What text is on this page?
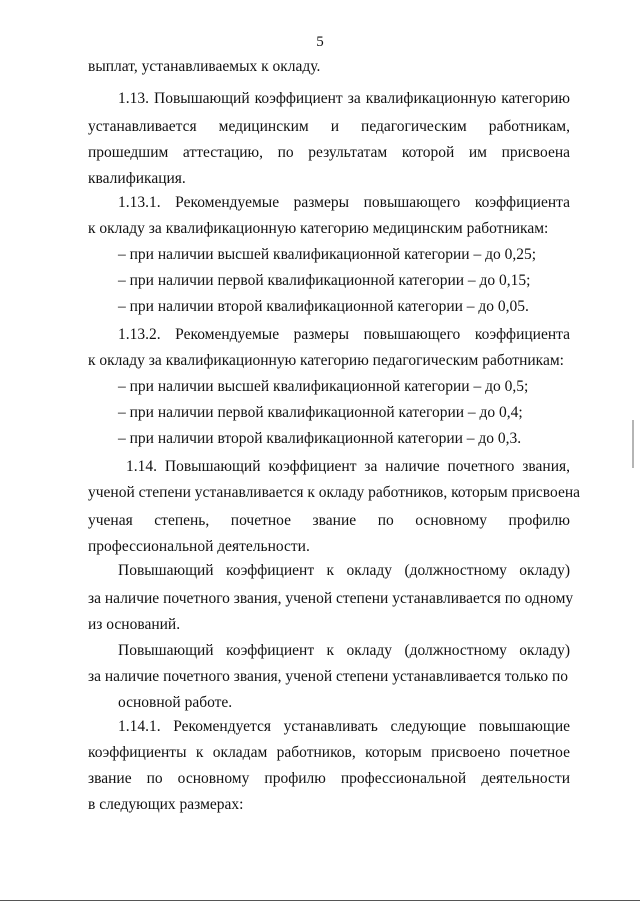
5
выплат, устанавливаемых к окладу.
1.13. Повышающий коэффициент за квалификационную категорию
устанавливается медицинским и педагогическим работникам,
прошедшим аттестацию, по результатам которой им присвоена
квалификация.
1.13.1. Рекомендуемые размеры повышающего коэффициента
к окладу за квалификационную категорию медицинским работникам:
– при наличии высшей квалификационной категории – до 0,25;
– при наличии первой квалификационной категории – до 0,15;
– при наличии второй квалификационной категории – до 0,05.
1.13.2. Рекомендуемые размеры повышающего коэффициента
к окладу за квалификационную категорию педагогическим работникам:
– при наличии высшей квалификационной категории – до 0,5;
– при наличии первой квалификационной категории – до 0,4;
– при наличии второй квалификационной категории – до 0,3.
1.14. Повышающий коэффициент за наличие почетного звания,
ученой степени устанавливается к окладу работников, которым присвоена
ученая степень, почетное звание по основному профилю
профессиональной деятельности.
Повышающий коэффициент к окладу (должностному окладу)
за наличие почетного звания, ученой степени устанавливается по одному
из оснований.
Повышающий коэффициент к окладу (должностному окладу)
за наличие почетного звания, ученой степени устанавливается только по
основной работе.
1.14.1. Рекомендуется устанавливать следующие повышающие
коэффициенты к окладам работников, которым присвоено почетное
звание по основному профилю профессиональной деятельности
в следующих размерах:
